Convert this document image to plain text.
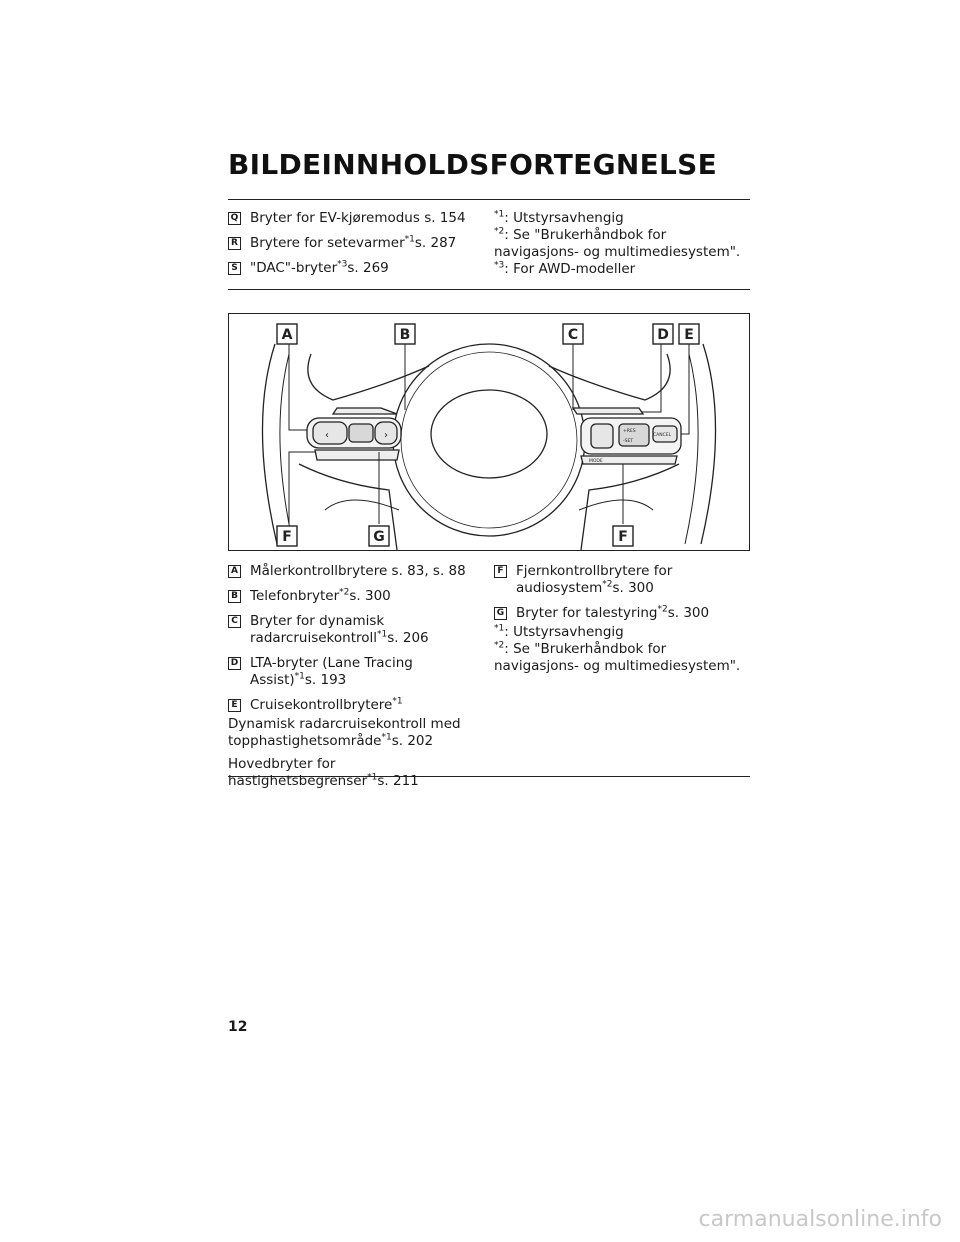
BILDEINNHOLDSFORTEGNELSE
Q Bryter for EV-kjøremodus s. 154
R Brytere for setevarmer$^{*1}$s. 287
S "DAC"-bryter$^{*3}$s. 269
$^{*1}$: Utstyrsavhengig
$^{*2}$: Se "Brukerhåndbok for navigasjons- og multimediesystem".
$^{*3}$: For AWD-modeller
‹	›
MODE
CANCEL
+RES
-SET
A	B	C	D E
F	G	F
A Målerkontrollbrytere s. 83, s. 88
B Telefonbryter$^{*2}$s. 300
C Bryter for dynamisk radarcruisekontroll$^{*1}$s. 206
D LTA-bryter (Lane Tracing Assist)$^{*1}$s. 193
E Cruisekontrollbrytere$^{*1}$
Dynamisk radarcruisekontroll med topphastighetsområde$^{*1}$s. 202
Hovedbryter for hastighetsbegrenser$^{*1}$s. 211
F Fjernkontrollbrytere for audiosystem$^{*2}$s. 300
G Bryter for talestyring$^{*2}$s. 300
$^{*1}$: Utstyrsavhengig
$^{*2}$: Se "Brukerhåndbok for navigasjons- og multimediesystem".
12
carmanualsonline.info
